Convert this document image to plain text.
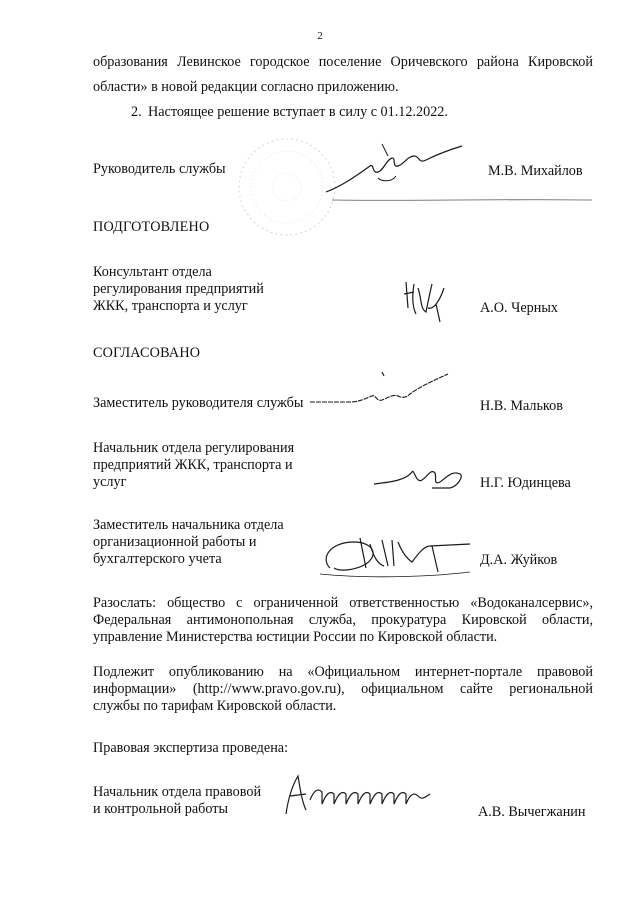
2
образования Левинское городское поселение Оричевского района Кировской
области» в новой редакции согласно приложению.
2. Настоящее решение вступает в силу с 01.12.2022.
Руководитель службы	М.В. Михайлов
ПОДГОТОВЛЕНО
Консультант отдела
регулирования предприятий
ЖКК, транспорта и услуг	А.О. Черных
СОГЛАСОВАНО
Заместитель руководителя службы	Н.В. Мальков
Начальник отдела регулирования
предприятий ЖКК, транспорта и
услуг	Н.Г. Юдинцева
Заместитель начальника отдела
организационной работы и
бухгалтерского учета	Д.А. Жуйков
Разослать: общество с ограниченной ответственностью «Водоканалсервис»,
Федеральная антимонопольная служба, прокуратура Кировской области,
управление Министерства юстиции России по Кировской области.
Подлежит опубликованию на «Официальном интернет-портале правовой
информации» (http://www.pravo.gov.ru), официальном сайте региональной
службы по тарифам Кировской области.
Правовая экспертиза проведена:
Начальник отдела правовой
и контрольной работы	А.В. Вычегжанин
